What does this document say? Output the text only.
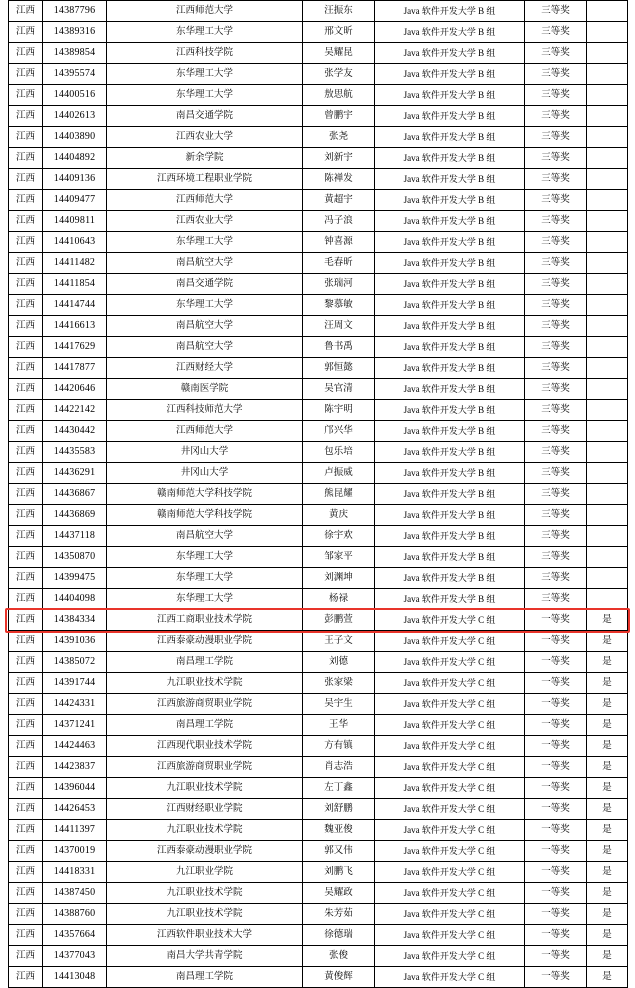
江西	14387796	江西师范大学	汪振东	Java 软件开发大学 B 组	三等奖	
江西	14389316	东华理工大学	邢文昕	Java 软件开发大学 B 组	三等奖	
江西	14389854	江西科技学院	吴耀昆	Java 软件开发大学 B 组	三等奖	
江西	14395574	东华理工大学	张学友	Java 软件开发大学 B 组	三等奖	
江西	14400516	东华理工大学	敖思航	Java 软件开发大学 B 组	三等奖	
江西	14402613	南昌交通学院	曾鹏宇	Java 软件开发大学 B 组	三等奖	
江西	14403890	江西农业大学	张尧	Java 软件开发大学 B 组	三等奖	
江西	14404892	新余学院	刘新宇	Java 软件开发大学 B 组	三等奖	
江西	14409136	江西环境工程职业学院	陈禅发	Java 软件开发大学 B 组	三等奖	
江西	14409477	江西师范大学	黄超宇	Java 软件开发大学 B 组	三等奖	
江西	14409811	江西农业大学	冯子浪	Java 软件开发大学 B 组	三等奖	
江西	14410643	东华理工大学	钟喜源	Java 软件开发大学 B 组	三等奖	
江西	14411482	南昌航空大学	毛春昕	Java 软件开发大学 B 组	三等奖	
江西	14411854	南昌交通学院	张瑞河	Java 软件开发大学 B 组	三等奖	
江西	14414744	东华理工大学	黎慕敏	Java 软件开发大学 B 组	三等奖	
江西	14416613	南昌航空大学	汪周文	Java 软件开发大学 B 组	三等奖	
江西	14417629	南昌航空大学	鲁书禹	Java 软件开发大学 B 组	三等奖	
江西	14417877	江西财经大学	郭恒懿	Java 软件开发大学 B 组	三等奖	
江西	14420646	赣南医学院	吴官清	Java 软件开发大学 B 组	三等奖	
江西	14422142	江西科技师范大学	陈宇明	Java 软件开发大学 B 组	三等奖	
江西	14430442	江西师范大学	邝兴华	Java 软件开发大学 B 组	三等奖	
江西	14435583	井冈山大学	包乐培	Java 软件开发大学 B 组	三等奖	
江西	14436291	井冈山大学	卢振威	Java 软件开发大学 B 组	三等奖	
江西	14436867	赣南师范大学科技学院	熊昆耀	Java 软件开发大学 B 组	三等奖	
江西	14436869	赣南师范大学科技学院	黄庆	Java 软件开发大学 B 组	三等奖	
江西	14437118	南昌航空大学	徐宇欢	Java 软件开发大学 B 组	三等奖	
江西	14350870	东华理工大学	邹家平	Java 软件开发大学 B 组	三等奖	
江西	14399475	东华理工大学	刘渊坤	Java 软件开发大学 B 组	三等奖	
江西	14404098	东华理工大学	杨禄	Java 软件开发大学 B 组	三等奖	
江西	14384334	江西工商职业技术学院	彭鹏萱	Java 软件开发大学 C 组	一等奖	是
江西	14391036	江西泰豪动漫职业学院	王子文	Java 软件开发大学 C 组	一等奖	是
江西	14385072	南昌理工学院	刘德	Java 软件开发大学 C 组	一等奖	是
江西	14391744	九江职业技术学院	张家梁	Java 软件开发大学 C 组	一等奖	是
江西	14424331	江西旅游商贸职业学院	吴宇生	Java 软件开发大学 C 组	一等奖	是
江西	14371241	南昌理工学院	王华	Java 软件开发大学 C 组	一等奖	是
江西	14424463	江西现代职业技术学院	方有镇	Java 软件开发大学 C 组	一等奖	是
江西	14423837	江西旅游商贸职业学院	肖志浩	Java 软件开发大学 C 组	一等奖	是
江西	14396044	九江职业技术学院	左丁鑫	Java 软件开发大学 C 组	一等奖	是
江西	14426453	江西财经职业学院	刘舒鹏	Java 软件开发大学 C 组	一等奖	是
江西	14411397	九江职业技术学院	魏亚俊	Java 软件开发大学 C 组	一等奖	是
江西	14370019	江西泰豪动漫职业学院	郭又伟	Java 软件开发大学 C 组	一等奖	是
江西	14418331	九江职业学院	刘鹏飞	Java 软件开发大学 C 组	一等奖	是
江西	14387450	九江职业技术学院	吴耀政	Java 软件开发大学 C 组	一等奖	是
江西	14388760	九江职业技术学院	朱芳茹	Java 软件开发大学 C 组	一等奖	是
江西	14357664	江西软件职业技术大学	徐德瑞	Java 软件开发大学 C 组	一等奖	是
江西	14377043	南昌大学共青学院	张俊	Java 软件开发大学 C 组	一等奖	是
江西	14413048	南昌理工学院	黄俊辉	Java 软件开发大学 C 组	一等奖	是
